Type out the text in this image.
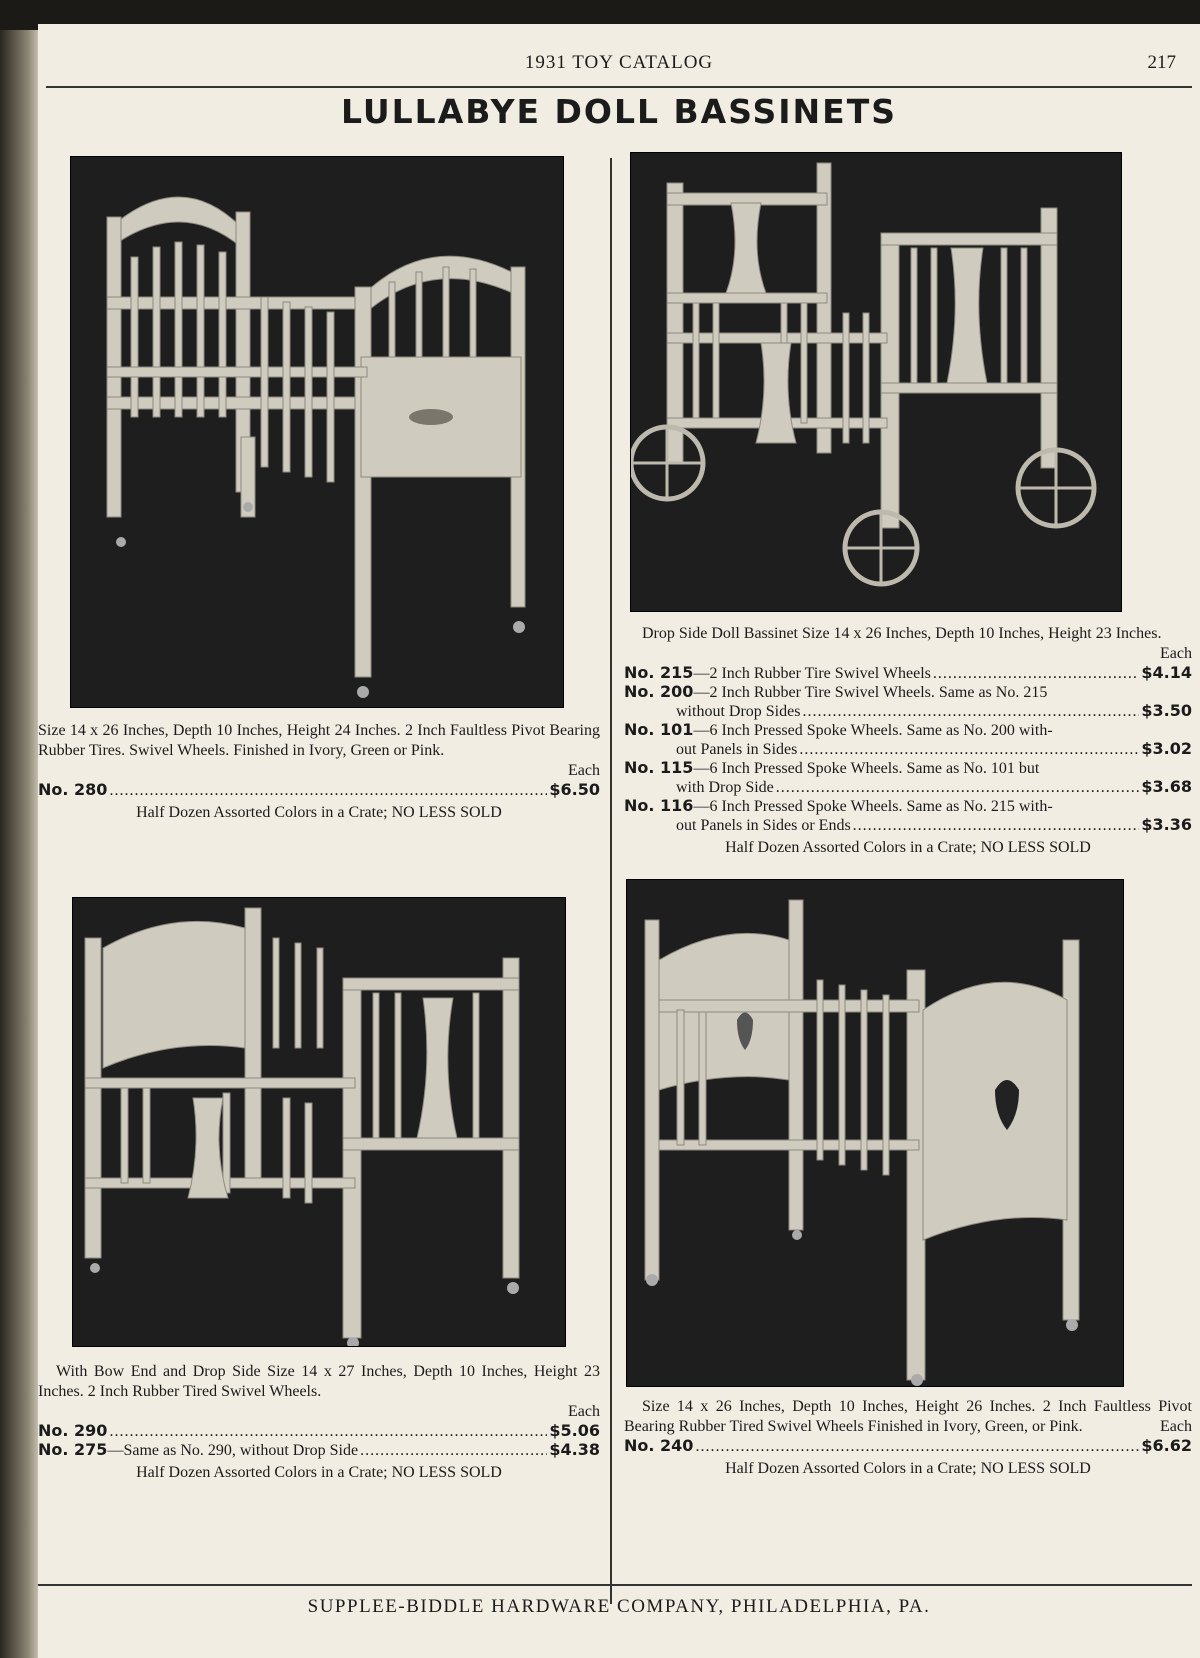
1931 TOY CATALOG	217
LULLABYE DOLL BASSINETS
Size 14 x 26 Inches, Depth 10 Inches, Height 24 Inches. 2 Inch Faultless Pivot Bearing Rubber Tires. Swivel Wheels. Finished in Ivory, Green or Pink.
Each
No. 280 .....	$6.50
Half Dozen Assorted Colors in a Crate; NO LESS SOLD
Drop Side Doll Bassinet Size 14 x 26 Inches, Depth 10 Inches, Height 23 Inches.
Each
No. 215 —2 Inch Rubber Tire Swivel Wheels .....	$4.14
No. 200 —2 Inch Rubber Tire Swivel Wheels. Same as No. 215
without Drop Sides .....	$3.50
No. 101 —6 Inch Pressed Spoke Wheels. Same as No. 200 with-
out Panels in Sides .....	$3.02
No. 115 —6 Inch Pressed Spoke Wheels. Same as No. 101 but
with Drop Side .....	$3.68
No. 116 —6 Inch Pressed Spoke Wheels. Same as No. 215 with-
out Panels in Sides or Ends .....	$3.36
Half Dozen Assorted Colors in a Crate; NO LESS SOLD
With Bow End and Drop Side Size 14 x 27 Inches, Depth 10 Inches, Height 23 Inches. 2 Inch Rubber Tired Swivel Wheels.
Each
No. 290 .....	$5.06
No. 275 —Same as No. 290, without Drop Side .....	$4.38
Half Dozen Assorted Colors in a Crate; NO LESS SOLD
Size 14 x 26 Inches, Depth 10 Inches, Height 26 Inches. 2 Inch Faultless Pivot Bearing Rubber Tired Swivel Wheels Finished in Ivory, Green, or Pink.	Each
No. 240 .....	$6.62
Half Dozen Assorted Colors in a Crate; NO LESS SOLD
SUPPLEE-BIDDLE HARDWARE COMPANY, PHILADELPHIA, PA.
